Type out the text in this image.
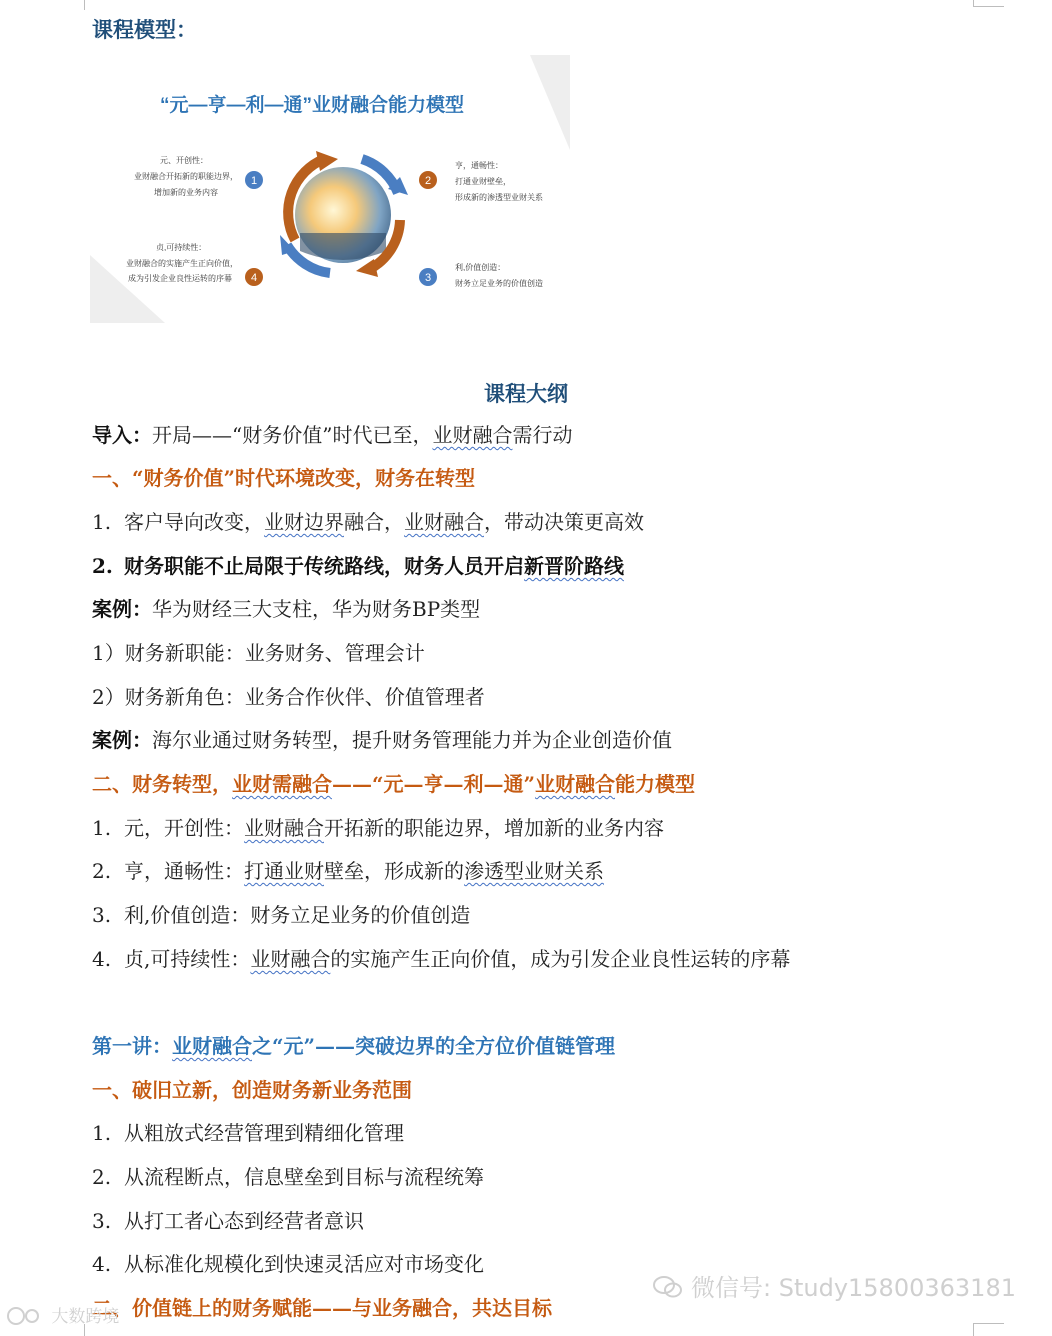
课程模型：
“元—亨—利—通”业财融合能力模型
元、开创性：
业财融合开拓新的职能边界，
增加新的业务内容
1	2
亨，通畅性：
打通业财壁垒，
形成新的渗透型业财关系
3
利,价值创造：
财务立足业务的价值创造
贞,可持续性：
业财融合的实施产生正向价值，
成为引发企业良性运转的序幕 4
课程大纲

导入：开局——“财务价值”时代已至，业财融合需行动

一、“财务价值”时代环境改变，财务在转型

1. 客户导向改变，业财边界融合，业财融合，带动决策更高效

2. 财务职能不止局限于传统路线，财务人员开启新晋阶路线

案例：华为财经三大支柱，华为财务BP类型

1）财务新职能：业务财务、管理会计

2）财务新角色：业务合作伙伴、价值管理者

案例：海尔业通过财务转型，提升财务管理能力并为企业创造价值

二、财务转型，业财需融合——“元—亨—利—通”业财融合能力模型

1. 元，开创性：业财融合开拓新的职能边界，增加新的业务内容

2. 亨，通畅性：打通业财壁垒，形成新的渗透型业财关系

3. 利,价值创造：财务立足业务的价值创造

4. 贞,可持续性：业财融合的实施产生正向价值，成为引发企业良性运转的序幕

第一讲：业财融合之“元”——突破边界的全方位价值链管理

一、破旧立新，创造财务新业务范围

1. 从粗放式经营管理到精细化管理

2. 从流程断点，信息壁垒到目标与流程统筹

3. 从打工者心态到经营者意识

4. 从标准化规模化到快速灵活应对市场变化

二、价值链上的财务赋能——与业务融合，共达目标

微信号: Study15800363181
大数跨境
